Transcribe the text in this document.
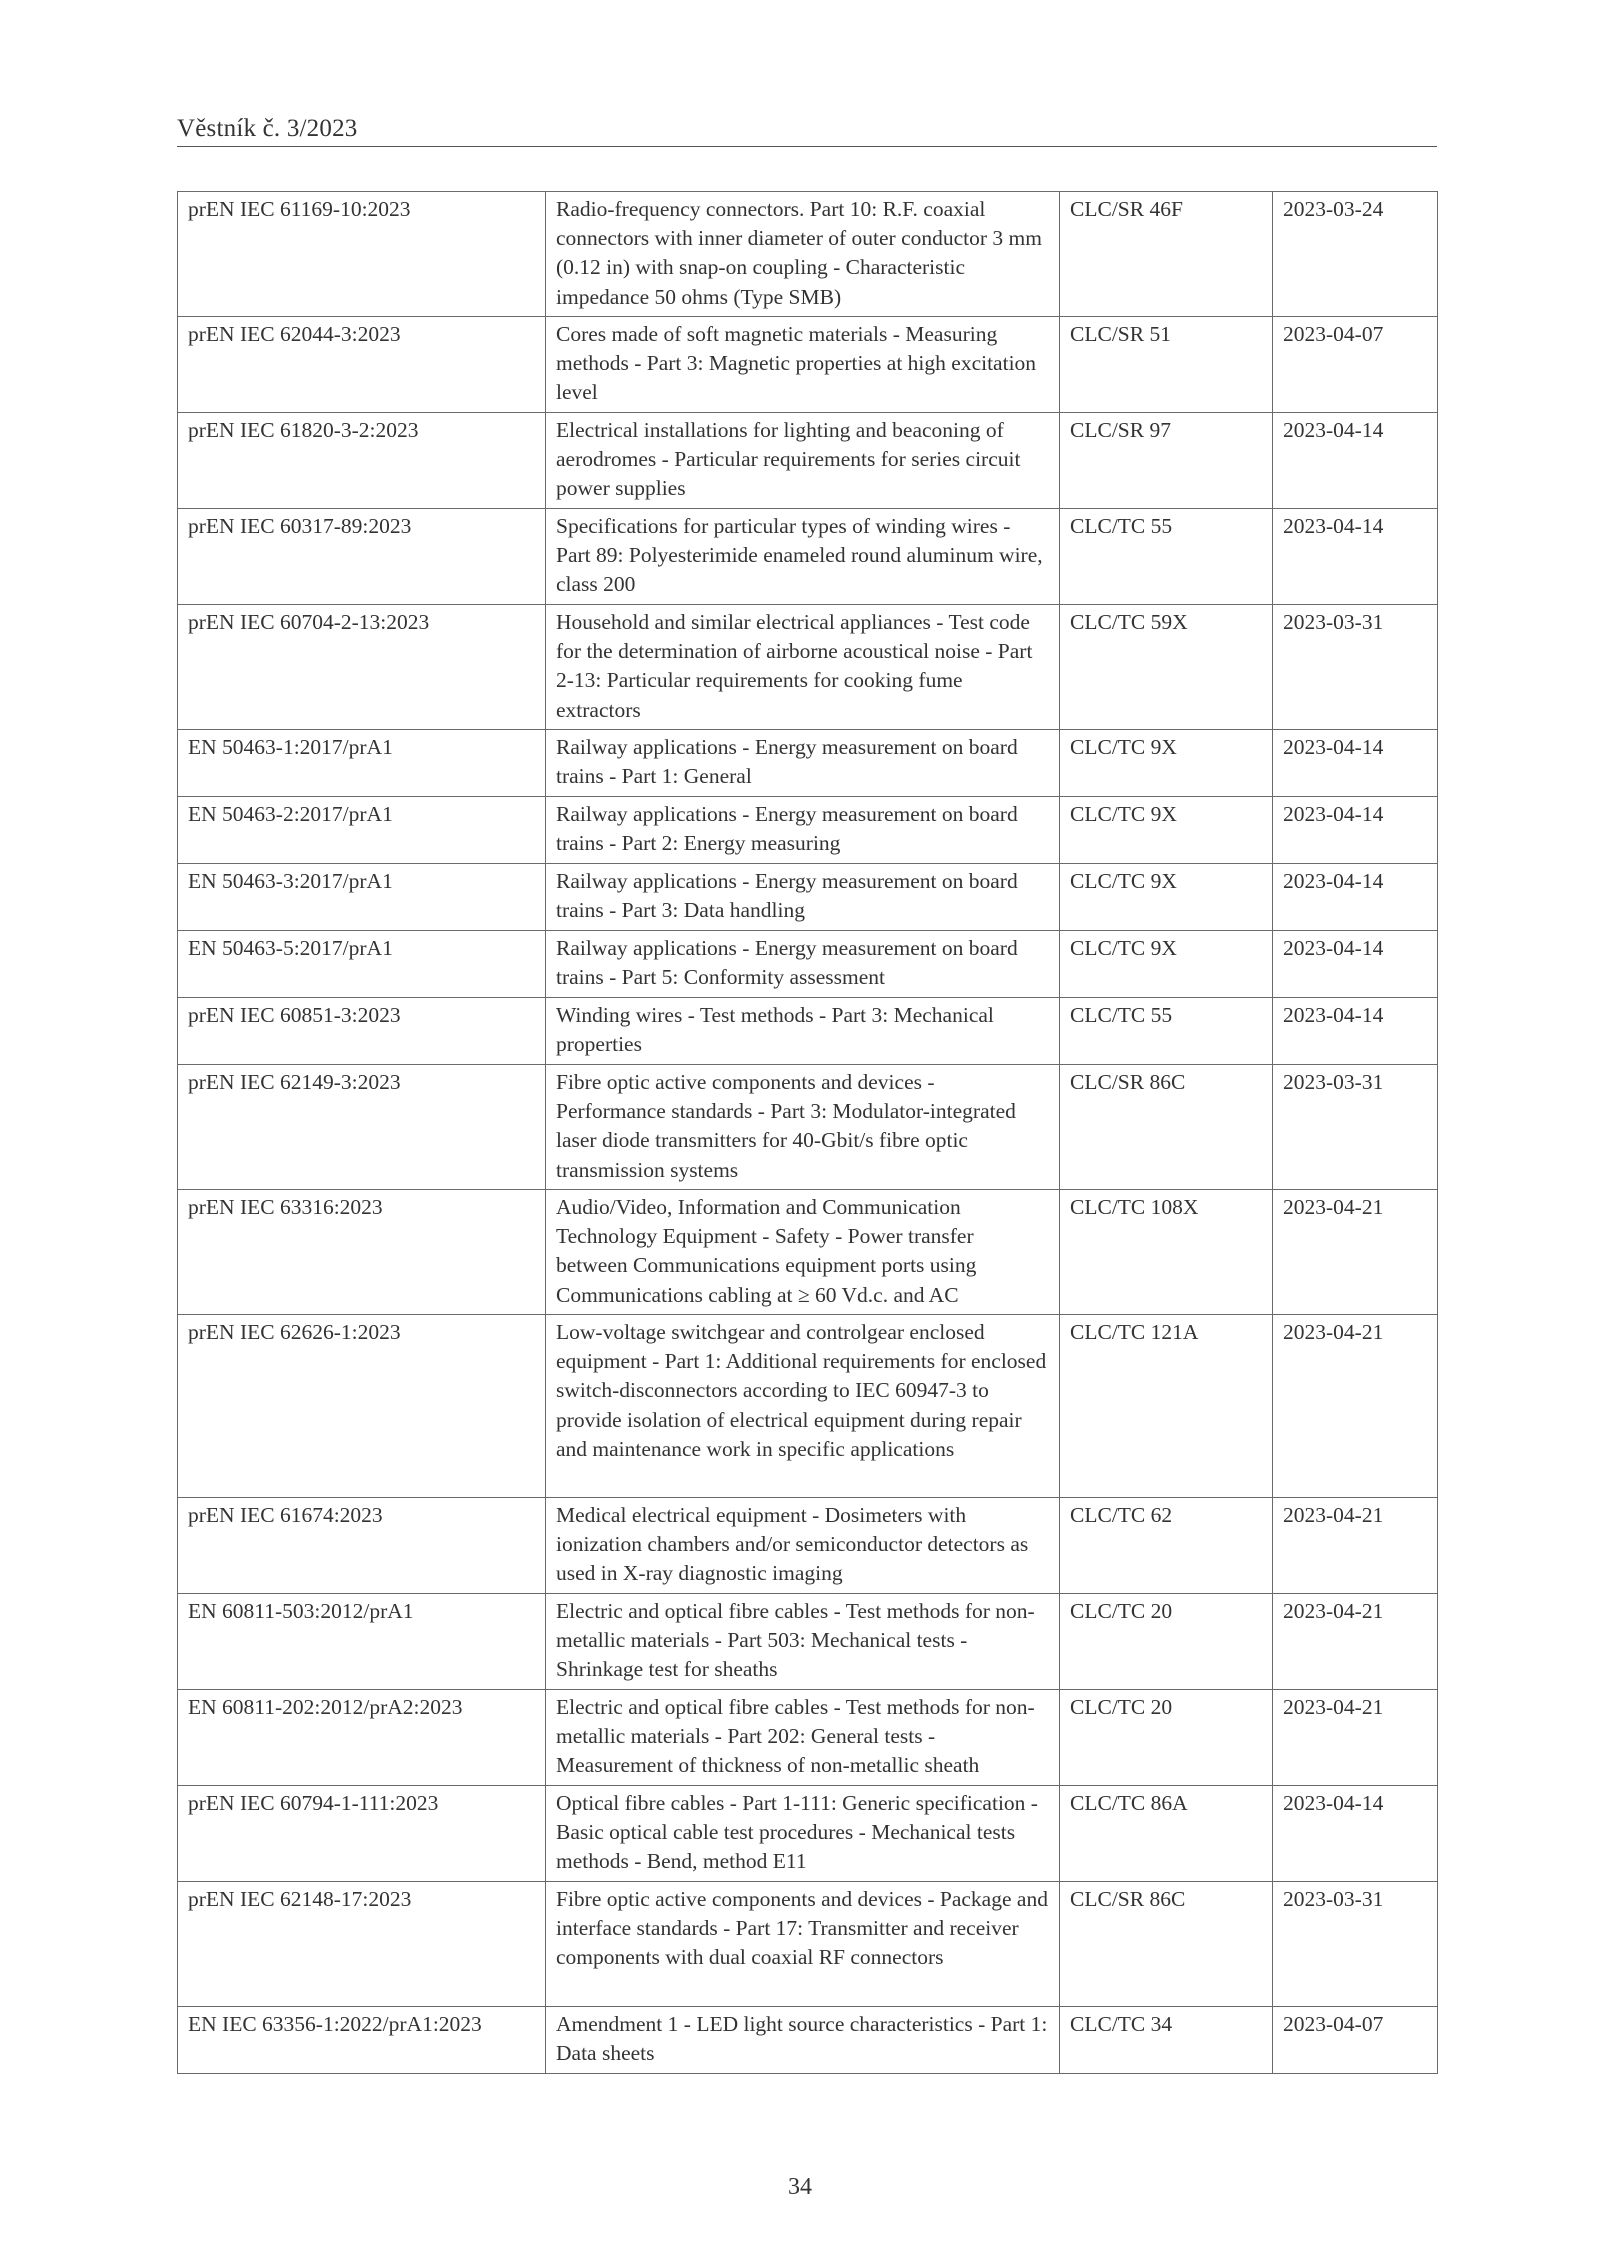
Věstník č. 3/2023
prEN IEC 61169-10:2023	Radio-frequency connectors. Part 10: R.F. coaxial connectors with inner diameter of outer conductor 3 mm (0.12 in) with snap-on coupling - Characteristic impedance 50 ohms (Type SMB)	CLC/SR 46F	2023-03-24
prEN IEC 62044-3:2023	Cores made of soft magnetic materials - Measuring methods - Part 3: Magnetic properties at high excitation level	CLC/SR 51	2023-04-07
prEN IEC 61820-3-2:2023	Electrical installations for lighting and beaconing of aerodromes - Particular requirements for series circuit power supplies	CLC/SR 97	2023-04-14
prEN IEC 60317-89:2023	Specifications for particular types of winding wires - Part 89: Polyesterimide enameled round aluminum wire, class 200	CLC/TC 55	2023-04-14
prEN IEC 60704-2-13:2023	Household and similar electrical appliances - Test code for the determination of airborne acoustical noise - Part 2-13: Particular requirements for cooking fume extractors	CLC/TC 59X	2023-03-31
EN 50463-1:2017/prA1	Railway applications - Energy measurement on board trains - Part 1: General	CLC/TC 9X	2023-04-14
EN 50463-2:2017/prA1	Railway applications - Energy measurement on board trains - Part 2: Energy measuring	CLC/TC 9X	2023-04-14
EN 50463-3:2017/prA1	Railway applications - Energy measurement on board trains - Part 3: Data handling	CLC/TC 9X	2023-04-14
EN 50463-5:2017/prA1	Railway applications - Energy measurement on board trains - Part 5: Conformity assessment	CLC/TC 9X	2023-04-14
prEN IEC 60851-3:2023	Winding wires - Test methods - Part 3: Mechanical properties	CLC/TC 55	2023-04-14
prEN IEC 62149-3:2023	Fibre optic active components and devices - Performance standards - Part 3: Modulator-integrated laser diode transmitters for 40-Gbit/s fibre optic transmission systems	CLC/SR 86C	2023-03-31
prEN IEC 63316:2023	Audio/Video, Information and Communication Technology Equipment - Safety - Power transfer between Communications equipment ports using Communications cabling at ≥ 60 Vd.c. and AC	CLC/TC 108X	2023-04-21
prEN IEC 62626-1:2023	Low-voltage switchgear and controlgear enclosed equipment - Part 1: Additional requirements for enclosed switch-disconnectors according to IEC 60947-3 to provide isolation of electrical equipment during repair and maintenance work in specific applications	CLC/TC 121A	2023-04-21
prEN IEC 61674:2023	Medical electrical equipment - Dosimeters with ionization chambers and/or semiconductor detectors as used in X-ray diagnostic imaging	CLC/TC 62	2023-04-21
EN 60811-503:2012/prA1	Electric and optical fibre cables - Test methods for non-metallic materials - Part 503: Mechanical tests - Shrinkage test for sheaths	CLC/TC 20	2023-04-21
EN 60811-202:2012/prA2:2023	Electric and optical fibre cables - Test methods for non-metallic materials - Part 202: General tests - Measurement of thickness of non-metallic sheath	CLC/TC 20	2023-04-21
prEN IEC 60794-1-111:2023	Optical fibre cables - Part 1-111: Generic specification - Basic optical cable test procedures - Mechanical tests methods - Bend, method E11	CLC/TC 86A	2023-04-14
prEN IEC 62148-17:2023	Fibre optic active components and devices - Package and interface standards - Part 17: Transmitter and receiver components with dual coaxial RF connectors	CLC/SR 86C	2023-03-31
EN IEC 63356-1:2022/prA1:2023	Amendment 1 - LED light source characteristics - Part 1: Data sheets	CLC/TC 34	2023-04-07
34
